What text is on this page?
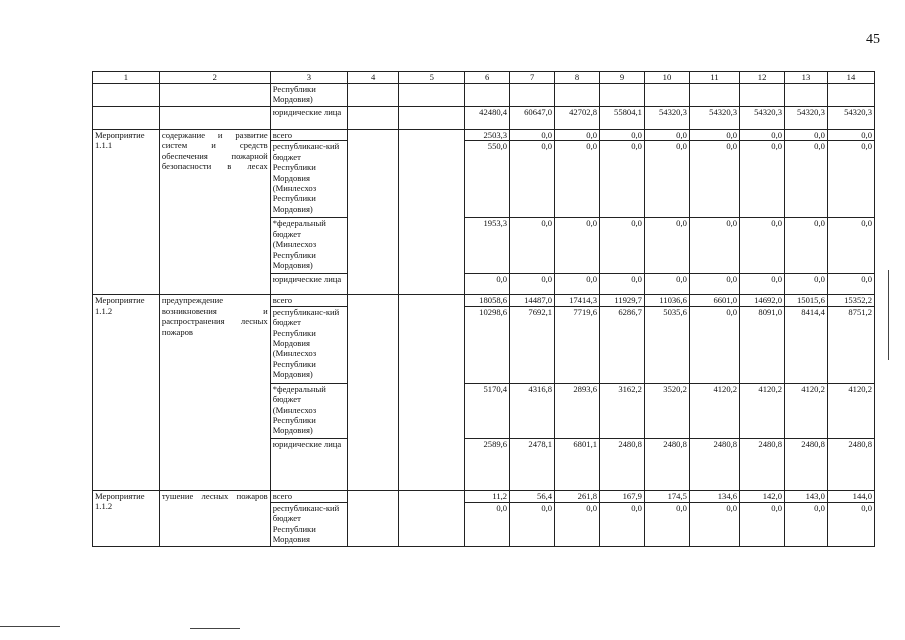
45
1	2	3	4	5	6	7	8	9	10	11	12	13	14
		Республики Мордовия)											
		юридические лица			42480,4	60647,0	42702,8	55804,1	54320,3	54320,3	54320,3	54320,3	54320,3
Мероприятие 1.1.1	содержание и развитие систем и средств обеспечения пожарной безопасности в лесах	всего			2503,3	0,0	0,0	0,0	0,0	0,0	0,0	0,0	0,0
		республиканс-кий бюджет Республики Мордовия (Минлесхоз Республики Мордовия)			550,0	0,0	0,0	0,0	0,0	0,0	0,0	0,0	0,0
		*федеральный бюджет (Минлесхоз Республики Мордовия)			1953,3	0,0	0,0	0,0	0,0	0,0	0,0	0,0	0,0
		юридические лица			0,0	0,0	0,0	0,0	0,0	0,0	0,0	0,0	0,0
Мероприятие 1.1.2	предупреждение возникновения и распространения лесных пожаров	всего			18058,6	14487,0	17414,3	11929,7	11036,6	6601,0	14692,0	15015,6	15352,2
		республиканс-кий бюджет Республики Мордовия (Минлесхоз Республики Мордовия)			10298,6	7692,1	7719,6	6286,7	5035,6	0,0	8091,0	8414,4	8751,2
		*федеральный бюджет (Минлесхоз Республики Мордовия)			5170,4	4316,8	2893,6	3162,2	3520,2	4120,2	4120,2	4120,2	4120,2
		юридические лица			2589,6	2478,1	6801,1	2480,8	2480,8	2480,8	2480,8	2480,8	2480,8
Мероприятие 1.1.2	тушение лесных пожаров	всего			11,2	56,4	261,8	167,9	174,5	134,6	142,0	143,0	144,0
		республиканс-кий бюджет Республики Мордовия			0,0	0,0	0,0	0,0	0,0	0,0	0,0	0,0	0,0
